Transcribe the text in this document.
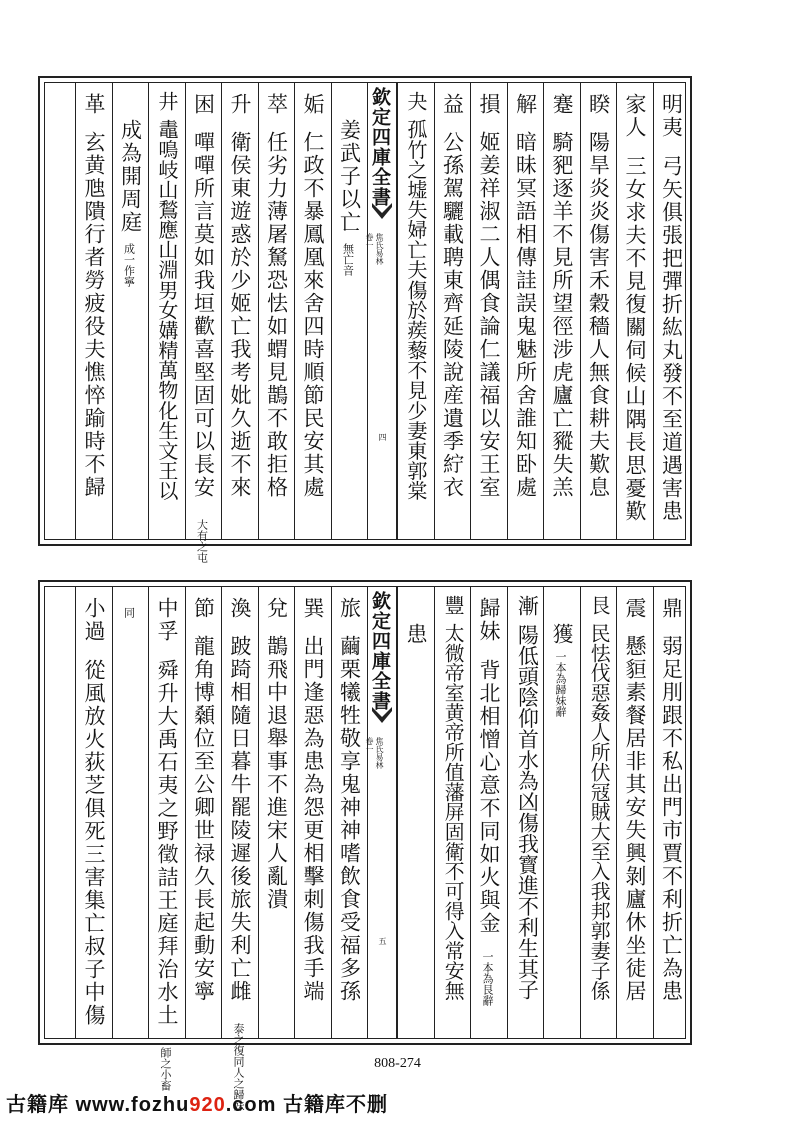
明夷
弓矢俱張把彈折紘丸發不至道遇害患
家人
三女求夫不見復關伺候山隅長思憂歎
睽
陽旱炎炎傷害禾穀穡人無食耕夫歎息
蹇
騎豝逐羊不見所望徑涉虎廬亡豵失羔
解
暗昧冥語相傳詿誤鬼魅所舍誰知卧處
損
姬姜祥淑二人偶食論仁議福以安王室
益
公孫駕驪載聘東齊延陵說産遺季紵衣
夬
孤竹之墟失婦亡夫傷於蒺藜不見少妻東郭棠
欽定四庫全書
焦氏易林
卷一
四
姜武子以亡
無亡音
姤
仁政不暴鳳凰來舍四時順節民安其處
萃
任劣力薄屠駑恐怯如蝟見鵲不敢拒格
升
衛侯東遊惑於少姬亡我考妣久逝不來
困
嘽嘽所言莫如我垣歡喜堅固可以長安
大有之屯
井
鼃鳴岐山鶖應山淵男女媾精萬物化生文王以
成為開周庭
成一作寧
革
玄黄虺隤行者勞疲役夫憔悴踰時不歸
鼎
弱足刖跟不私出門市賈不利折亡為患
震
懸貆素餐居非其安失興剝廬休坐徒居
艮
民怯伐惡姦人所伏冦賊大至入我邦郭妻子係
獲
一本為歸妹辭
漸
陽低頭陰仰首水為凶傷我寳進不利生其子
歸妹
背北相憎心意不同如火與金
一本為艮辭
豐
太微帝室黄帝所值藩屏固衛不可得入常安無
患
欽定四庫全書
焦氏易林
卷一
五
旅
繭栗犧牲敬享鬼神神嗜飲食受福多孫
巽
出門逢惡為患為怨更相擊刺傷我手端
兌
鵲飛中退舉事不進宋人亂潰
渙
跛踦相隨日暮牛罷陵遲後旅失利亡雌
泰之復同人之歸妹
節
龍角博顙位至公卿世禄久長起動安寧
中孚
舜升大禹石夷之野徵詰王庭拜治水土
師之小畜
同
小過
從風放火荻芝俱死三害集亡叔子中傷
808-274
古籍库 www.fozhu920.com 古籍库不删
